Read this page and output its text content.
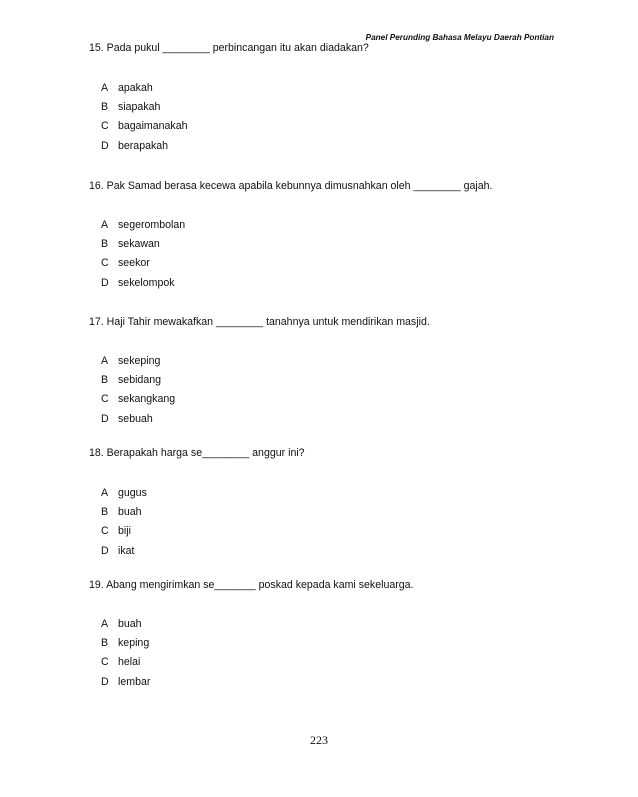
Panel Perunding Bahasa Melayu Daerah Pontian

15. Pada pukul ________ perbincangan itu akan diadakan?

A apakah
B siapakah
C bagaimanakah
D berapakah

16. Pak Samad berasa kecewa apabila kebunnya dimusnahkan oleh ________ gajah.

A segerombolan
B sekawan
C seekor
D sekelompok

17. Haji Tahir mewakafkan ________ tanahnya untuk mendirikan masjid.

A sekeping
B sebidang
C sekangkang
D sebuah

18. Berapakah harga se________ anggur ini?

A gugus
B buah
C biji
D ikat

19. Abang mengirimkan se_______ poskad kepada kami sekeluarga.

A buah
B keping
C helai
D lembar
223
